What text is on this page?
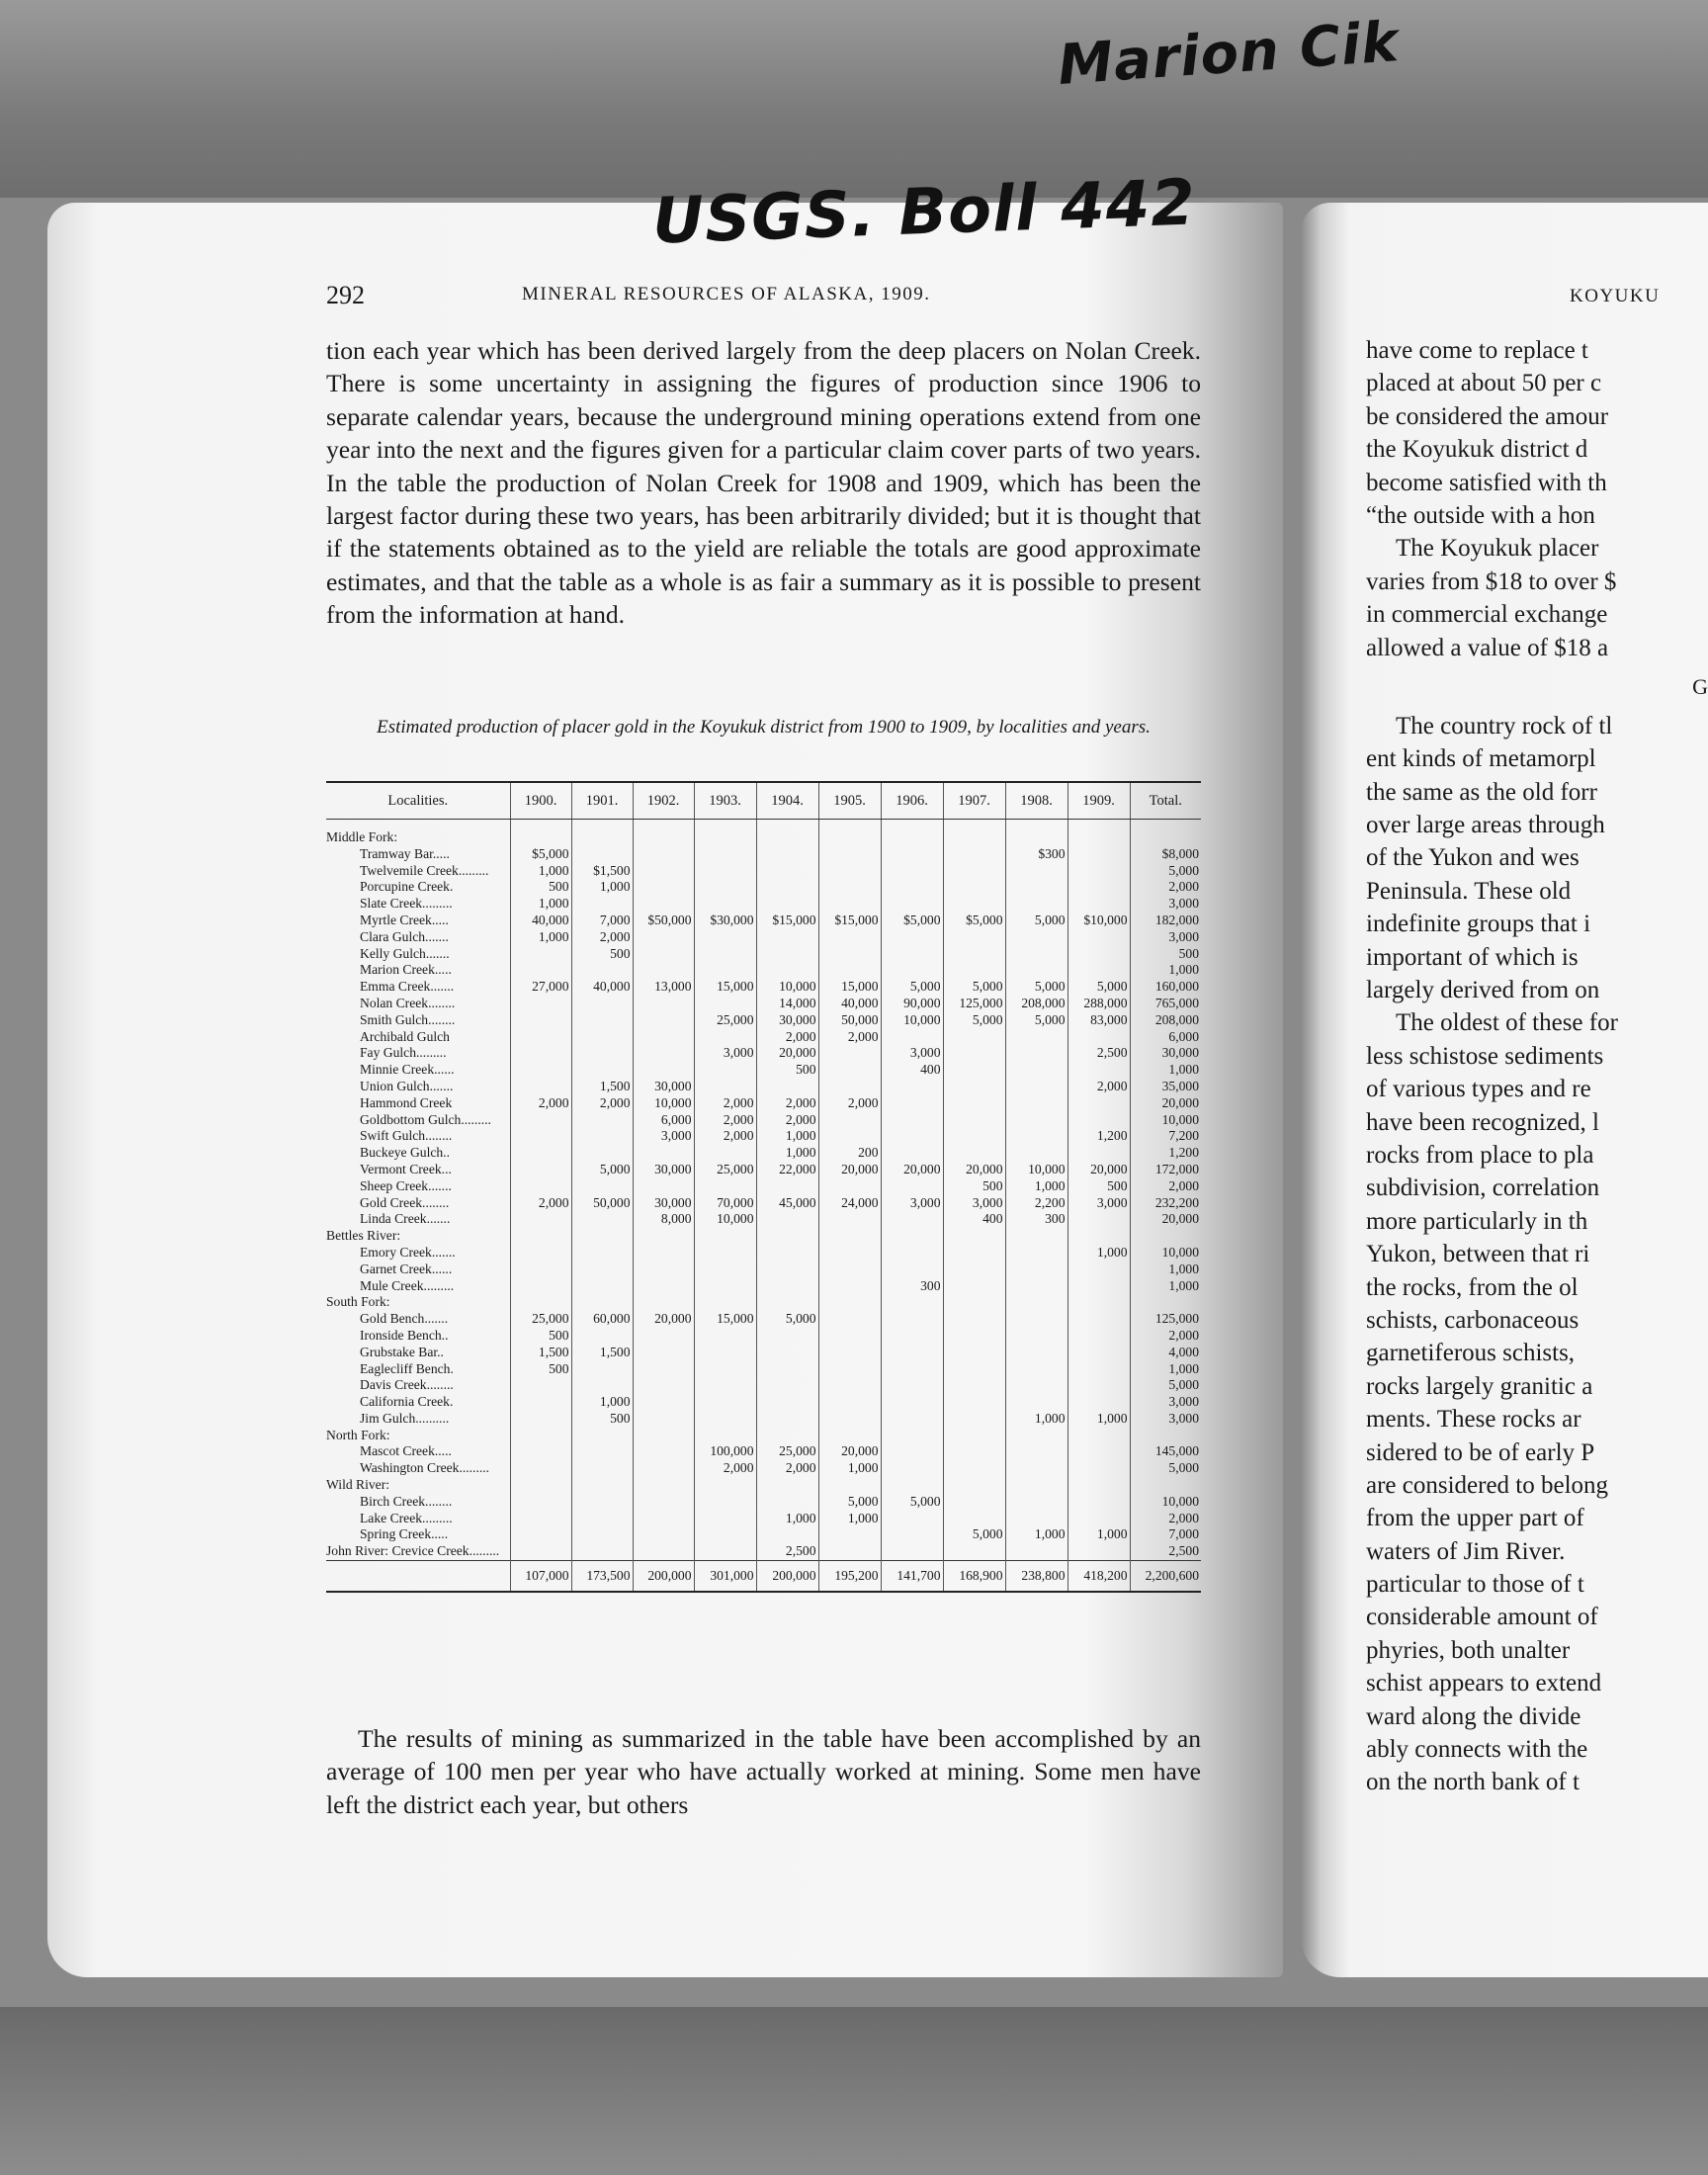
Marion Cik
USGS. Boll 442
292	MINERAL RESOURCES OF ALASKA, 1909.

tion each year which has been derived largely from the deep placers on Nolan Creek. There is some uncertainty in assigning the figures of production since 1906 to separate calendar years, because the underground mining operations extend from one year into the next and the figures given for a particular claim cover parts of two years. In the table the production of Nolan Creek for 1908 and 1909, which has been the largest factor during these two years, has been arbitrarily divided; but it is thought that if the statements obtained as to the yield are reliable the totals are good approximate estimates, and that the table as a whole is as fair a summary as it is possible to present from the information at hand.

Estimated production of placer gold in the Koyukuk district from 1900 to 1909, by localities and years.
Localities.	1900.	1901.	1902.	1903.	1904.	1905.	1906.	1907.	1908.	1909.	Total.
Middle Fork:											
Tramway Bar.....	$5,000								$300		$8,000
Twelvemile Creek.........	1,000	$1,500									5,000
Porcupine Creek.	500	1,000									2,000
Slate Creek.........	1,000										3,000
Myrtle Creek.....	40,000	7,000	$50,000	$30,000	$15,000	$15,000	$5,000	$5,000	5,000	$10,000	182,000
Clara Gulch.......	1,000	2,000									3,000
Kelly Gulch.......		500									500
Marion Creek.....											1,000
Emma Creek.......	27,000	40,000	13,000	15,000	10,000	15,000	5,000	5,000	5,000	5,000	160,000
Nolan Creek........					14,000	40,000	90,000	125,000	208,000	288,000	765,000
Smith Gulch........				25,000	30,000	50,000	10,000	5,000	5,000	83,000	208,000
Archibald Gulch					2,000	2,000					6,000
Fay Gulch.........				3,000	20,000		3,000			2,500	30,000
Minnie Creek......					500		400				1,000
Union Gulch.......		1,500	30,000							2,000	35,000
Hammond Creek	2,000	2,000	10,000	2,000	2,000	2,000					20,000
Goldbottom Gulch.........			6,000	2,000	2,000						10,000
Swift Gulch........			3,000	2,000	1,000					1,200	7,200
Buckeye Gulch..					1,000	200					1,200
Vermont Creek...		5,000	30,000	25,000	22,000	20,000	20,000	20,000	10,000	20,000	172,000
Sheep Creek.......								500	1,000	500	2,000
Gold Creek........	2,000	50,000	30,000	70,000	45,000	24,000	3,000	3,000	2,200	3,000	232,200
Linda Creek.......			8,000	10,000				400	300		20,000
Bettles River:											
Emory Creek.......										1,000	10,000
Garnet Creek......											1,000
Mule Creek.........							300				1,000
South Fork:											
Gold Bench.......	25,000	60,000	20,000	15,000	5,000						125,000
Ironside Bench..	500										2,000
Grubstake Bar..	1,500	1,500									4,000
Eaglecliff Bench.	500										1,000
Davis Creek........											5,000
California Creek.		1,000									3,000
Jim Gulch..........		500							1,000	1,000	3,000
North Fork:											
Mascot Creek.....				100,000	25,000	20,000					145,000
Washington Creek.........				2,000	2,000	1,000					5,000
Wild River:											
Birch Creek........						5,000	5,000				10,000
Lake Creek.........					1,000	1,000					2,000
Spring Creek.....								5,000	1,000	1,000	7,000
John River: Crevice Creek.........					2,500						2,500
	107,000	173,500	200,000	301,000	200,000	195,200	141,700	168,900	238,800	418,200	2,200,600

The results of mining as summarized in the table have been accomplished by an average of 100 men per year who have actually worked at mining. Some men have left the district each year, but others

KOYUKU
have come to replace t
placed at about 50 per c
be considered the amour
the Koyukuk district d
become satisfied with th
“the outside with a hon
The Koyukuk placer
varies from $18 to over $
in commercial exchange
allowed a value of $18 a
G
The country rock of tl
ent kinds of metamorpl
the same as the old forr
over large areas through
of the Yukon and wes
Peninsula. These old
indefinite groups that i
important of which is
largely derived from on
The oldest of these for
less schistose sediments
of various types and re
have been recognized, l
rocks from place to pla
subdivision, correlation
more particularly in th
Yukon, between that ri
the rocks, from the ol
schists, carbonaceous
garnetiferous schists,
rocks largely granitic a
ments. These rocks ar
sidered to be of early P
are considered to belong
from the upper part of
waters of Jim River.
particular to those of t
considerable amount of
phyries, both unalter
schist appears to extend
ward along the divide
ably connects with the
on the north bank of t
